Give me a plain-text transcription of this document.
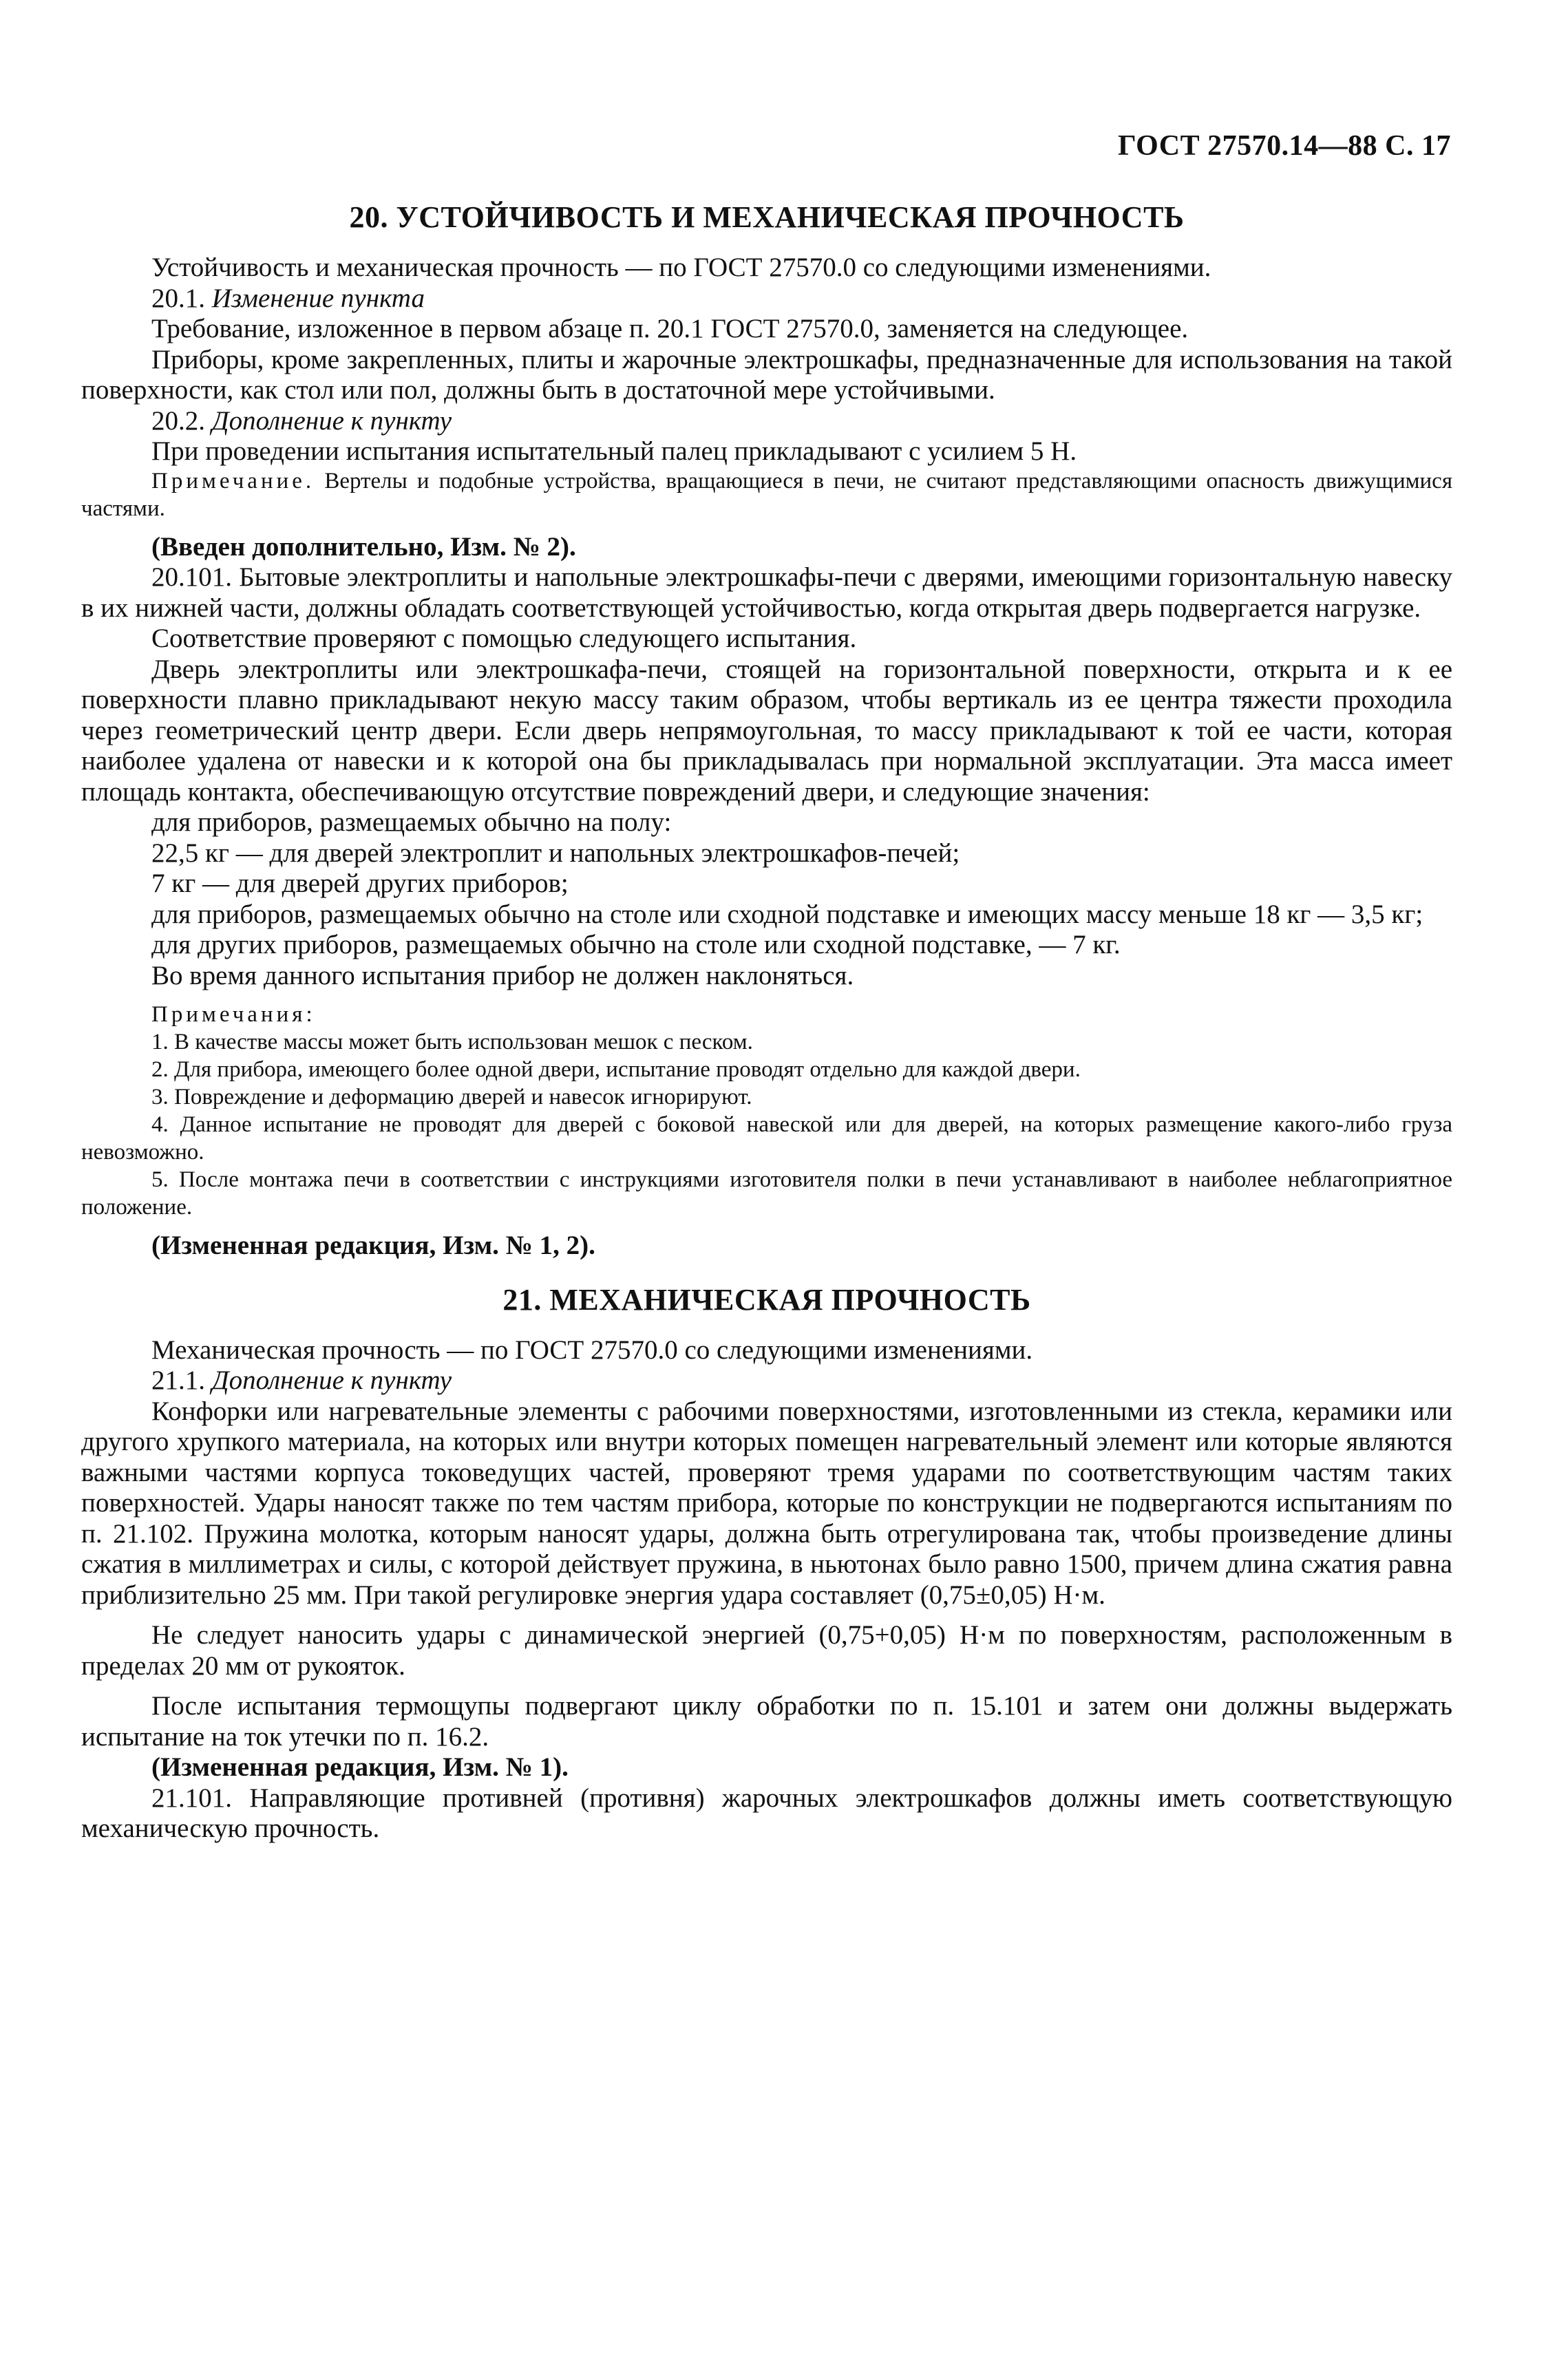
ГОСТ 27570.14—88 С. 17
20. УСТОЙЧИВОСТЬ И МЕХАНИЧЕСКАЯ ПРОЧНОСТЬ

Устойчивость и механическая прочность — по ГОСТ 27570.0 со следующими изменениями.

20.1. Изменение пункта

Требование, изложенное в первом абзаце п. 20.1 ГОСТ 27570.0, заменяется на следующее.

Приборы, кроме закрепленных, плиты и жарочные электрошкафы, предназначенные для использования на такой поверхности, как стол или пол, должны быть в достаточной мере устойчивыми.

20.2. Дополнение к пункту

При проведении испытания испытательный палец прикладывают с усилием 5 Н.

Примечание. Вертелы и подобные устройства, вращающиеся в печи, не считают представляющими опасность движущимися частями.

(Введен дополнительно, Изм. № 2).

20.101. Бытовые электроплиты и напольные электрошкафы-печи с дверями, имеющими горизонтальную навеску в их нижней части, должны обладать соответствующей устойчивостью, когда открытая дверь подвергается нагрузке.

Соответствие проверяют с помощью следующего испытания.

Дверь электроплиты или электрошкафа-печи, стоящей на горизонтальной поверхности, открыта и к ее поверхности плавно прикладывают некую массу таким образом, чтобы вертикаль из ее центра тяжести проходила через геометрический центр двери. Если дверь непрямоугольная, то массу прикладывают к той ее части, которая наиболее удалена от навески и к которой она бы прикладывалась при нормальной эксплуатации. Эта масса имеет площадь контакта, обеспечивающую отсутствие повреждений двери, и следующие значения:

для приборов, размещаемых обычно на полу:

22,5 кг — для дверей электроплит и напольных электрошкафов-печей;

7 кг — для дверей других приборов;

для приборов, размещаемых обычно на столе или сходной подставке и имеющих массу меньше 18 кг — 3,5 кг;

для других приборов, размещаемых обычно на столе или сходной подставке, — 7 кг.

Во время данного испытания прибор не должен наклоняться.

Примечания:

1. В качестве массы может быть использован мешок с песком.

2. Для прибора, имеющего более одной двери, испытание проводят отдельно для каждой двери.

3. Повреждение и деформацию дверей и навесок игнорируют.

4. Данное испытание не проводят для дверей с боковой навеской или для дверей, на которых размещение какого-либо груза невозможно.

5. После монтажа печи в соответствии с инструкциями изготовителя полки в печи устанавливают в наиболее неблагоприятное положение.

(Измененная редакция, Изм. № 1, 2).

21. МЕХАНИЧЕСКАЯ ПРОЧНОСТЬ

Механическая прочность — по ГОСТ 27570.0 со следующими изменениями.

21.1. Дополнение к пункту

Конфорки или нагревательные элементы с рабочими поверхностями, изготовленными из стекла, керамики или другого хрупкого материала, на которых или внутри которых помещен нагревательный элемент или которые являются важными частями корпуса токоведущих частей, проверяют тремя ударами по соответствующим частям таких поверхностей. Удары наносят также по тем частям прибора, которые по конструкции не подвергаются испытаниям по п. 21.102. Пружина молотка, которым наносят удары, должна быть отрегулирована так, чтобы произведение длины сжатия в миллиметрах и силы, с которой действует пружина, в ньютонах было равно 1500, причем длина сжатия равна приблизительно 25 мм. При такой регулировке энергия удара составляет (0,75±0,05) Н·м.

Не следует наносить удары с динамической энергией (0,75+0,05) Н·м по поверхностям, расположенным в пределах 20 мм от рукояток.

После испытания термощупы подвергают циклу обработки по п. 15.101 и затем они должны выдержать испытание на ток утечки по п. 16.2.

(Измененная редакция, Изм. № 1).

21.101. Направляющие противней (противня) жарочных электрошкафов должны иметь соответствующую механическую прочность.
